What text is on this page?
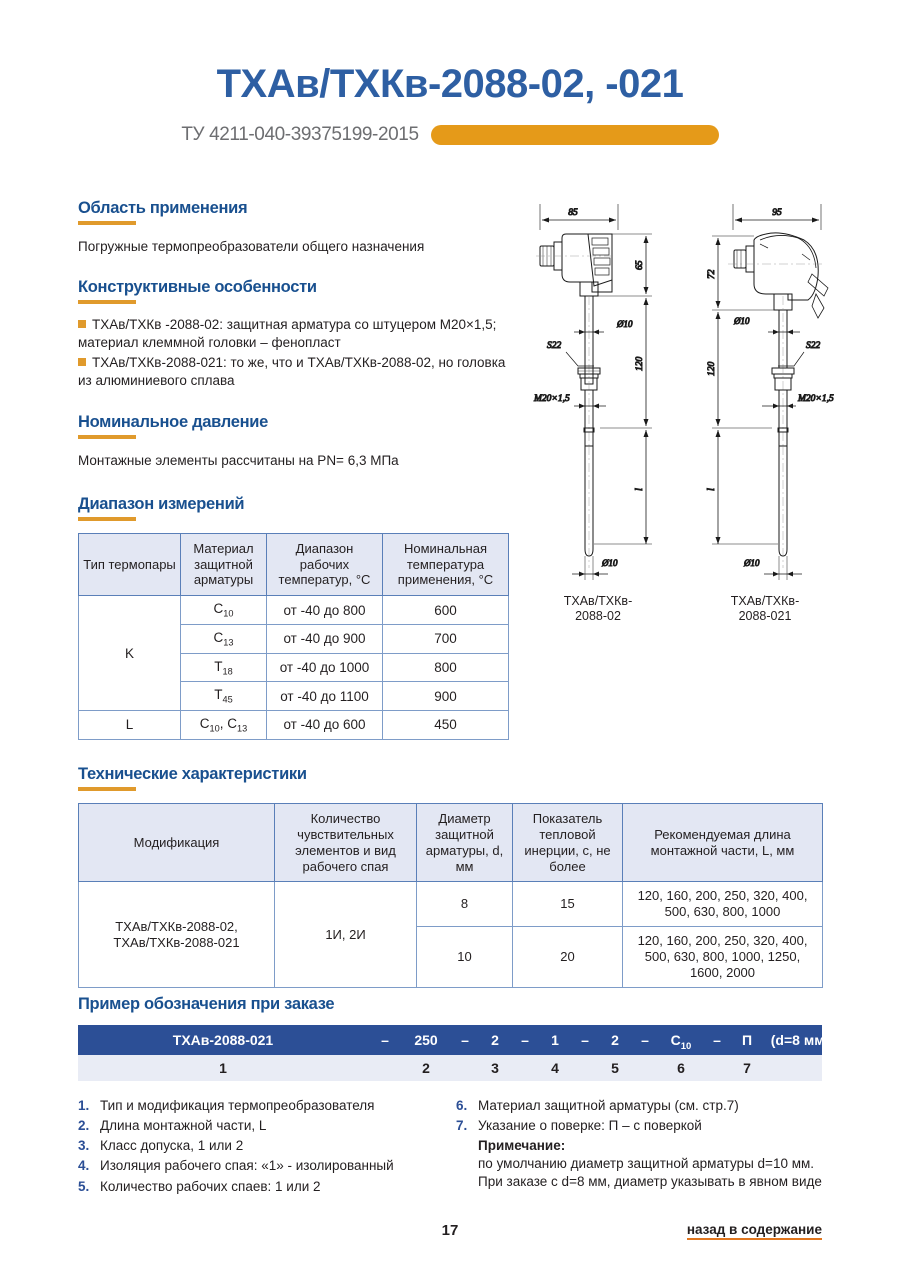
ТХАв/ТХКв-2088-02, -021
ТУ 4211-040-39375199-2015
Область применения
Погружные термопреобразователи общего назначения
Конструктивные особенности
ТХАв/ТХКв -2088-02: защитная арматура со штуцером M20×1,5; материал клеммной головки – фенопласт
ТХАв/ТХКв-2088-021: то же, что и ТХАв/ТХКв-2088-02, но головка из алюминиевого сплава
Номинальное давление
Монтажные элементы рассчитаны на PN= 6,3 МПа
Диапазон измерений
Тип термопары	Материал защитной арматуры	Диапазон рабочих температур, °С	Номинальная температура применения, °С
K	$C_{10}$	от -40 до 800	600
	$C_{13}$	от -40 до 900	700
	$T_{18}$	от -40 до 1000	800
	$T_{45}$	от -40 до 1100	900
L	$C_{10}$, $C_{13}$	от -40 до 600	450
Технические характеристики
Модификация	Количество чувствительных элементов и вид рабочего спая	Диаметр защитной арматуры, d, мм	Показатель тепловой инерции, с, не более	Рекомендуемая длина монтажной части, L, мм
ТХАв/ТХКв-2088-02,
ТХАв/ТХКв-2088-021	1И, 2И	8	15	120, 160, 200, 250, 320, 400, 500, 630, 800, 1000
		10	20	120, 160, 200, 250, 320, 400, 500, 630, 800, 1000, 1250, 1600, 2000
Пример обозначения при заказе
ТХАв-2088-021	–	250	–	2	–	1	–	2	–	$C_{10}$	–	П	(d=8 мм)
1	2	3	4	5	6	7
1. Тип и модификация термопреобразователя
2. Длина монтажной части, L
3. Класс допуска, 1 или 2
4. Изоляция рабочего спая: «1» - изолированный
5. Количество рабочих спаев: 1 или 2
6. Материал защитной арматуры (см. стр.7)
7. Указание о поверке: П – с поверкой
Примечание:
по умолчанию диаметр защитной арматуры d=10 мм. При заказе с d=8 мм, диаметр указывать в явном виде
17	назад в содержание
85
Ø10
S22
M20×1,5
65
120
l
Ø10
95
Ø10
S22
M20×1,5
72
120
l
Ø10
ТХАв/ТХКв-
2088-02
ТХАв/ТХКв-
2088-021
